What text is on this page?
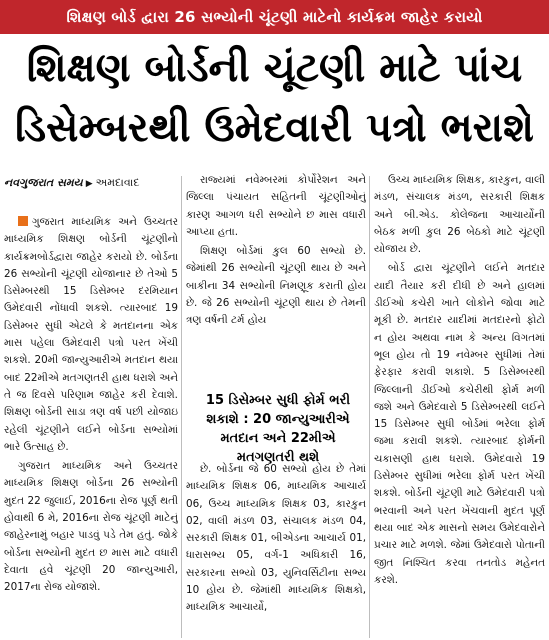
શિક્ષણ બોર્ડ દ્વારા 26 સભ્યોની ચૂંટણી માટેનો કાર્યક્રમ જાહેર કરાયો
શિક્ષણ બોર્ડની ચૂંટણી માટે પાંચ
ડિસેમ્બરથી ઉમેદવારી પત્રો ભરાશે
નવગુજરાત સમય ▶ અમદાવાદ

ગુજરાત માધ્યમિક અને ઉચ્ચતર માધ્યમિક શિક્ષણ બોર્ડની ચૂંટણીનો કાર્યક્રમબોર્ડદ્વારા જાહેર કરાયો છે. બોર્ડના 26 સભ્યોની ચૂંટણી યોજાનાર છે તેઓ 5 ડિસેમ્બરથી 15 ડિસેમ્બર દરમિયાન ઉમેદવારી નોંધાવી શકશે. ત્યારબાદ 19 ડિસેમ્બર સુધી એટલે કે મતદાનના એક માસ પહેલા ઉમેદવારી પત્રો પરત ખેંચી શકશે. 20મી જાન્યુઆરીએ મતદાન થયા બાદ 22મીએ મતગણતરી હાથ ધરાશે અને તે જ દિવસે પરિણામ જાહેર કરી દેવાશે. શિક્ષણ બોર્ડની સાડા ત્રણ વર્ષ પછી યોજાઇ રહેલી ચૂંટણીને લઈને બોર્ડના સભ્યોમાં ભારે ઉત્સાહ છે.

ગુજરાત માધ્યમિક અને ઉચ્ચતર માધ્યમિક શિક્ષણ બોર્ડના 26 સભ્યોની મુદત 22 જુલાઈ, 2016ના રોજ પૂર્ણ થતી હોવાથી 6 મે, 2016ના રોજ ચૂંટણી માટેનું જાહેરનામું બહાર પાડવું પડે તેમ હતું. જોકે બોર્ડના સભ્યોની મુદત છ માસ માટે વધારી દેવાતા હવે ચૂંટણી 20 જાન્યુઆરી, 2017ના રોજ યોજાશે.

રાજ્યમાં નવેમ્બરમાં કોર્પોરેશન અને જિલ્લા પંચાયત સહિતની ચૂંટણીઓનું કારણ આગળ ધરી સભ્યોને છ માસ વધારી આપ્યા હતા.

શિક્ષણ બોર્ડમાં કુલ 60 સભ્યો છે. જેમાંથી 26 સભ્યોની ચૂંટણી થાય છે અને બાકીના 34 સભ્યોની નિમણૂક કરાતી હોય છે. જે 26 સભ્યોની ચૂંટણી થાય છે તેમની ત્રણ વર્ષની ટર્મ હોય

15 ડિસેમ્બર સુધી ફોર્મ ભરી શકાશે : 20 જાન્યુઆરીએ મતદાન અને 22મીએ મતગણતરી થશે

છે. બોર્ડના જે 60 સભ્યો હોય છે તેમાં માધ્યમિક શિક્ષક 06, માધ્યમિક આચાર્ય 06, ઉચ્ચ માધ્યમિક શિક્ષક 03, કારકુન 02, વાલી મંડળ 03, સંચાલક મંડળ 04, સરકારી શિક્ષક 01, બીએડના આચાર્ય 01, ધારાસભ્ય 05, વર્ગ-1 અધિકારી 16, સરકારના સભ્યો 03, યુનિવર્સિટીના સભ્ય 10 હોય છે. જેમાંથી માધ્યમિક શિક્ષકો, માધ્યમિક આચાર્યો,

ઉચ્ચ માધ્યમિક શિક્ષક, કારકુન, વાલી મંડળ, સંચાલક મંડળ, સરકારી શિક્ષક અને બી.એડ. કોલેજના આચાર્યોની બેઠક મળી કુલ 26 બેઠકો માટે ચૂંટણી યોજાય છે.

બોર્ડ દ્વારા ચૂંટણીને લઈને મતદાર યાદી તૈયાર કરી દીધી છે અને હાલમાં ડીઈઓ કચેરી ખાતે લોકોને જોવા માટે મૂકી છે. મતદાર યાદીમાં મતદારનો ફોટો ન હોય અથવા નામ કે અન્ય વિગતમાં ભૂલ હોય તો 19 નવેમ્બર સુધીમાં તેમાં ફેરફાર કરાવી શકાશે. 5 ડિસેમ્બરથી જિલ્લાની ડીઈઓ કચેરીથી ફોર્મ મળી જશે અને ઉમેદવારો 5 ડિસેમ્બરથી લઈને 15 ડિસેમ્બર સુધી બોર્ડમાં ભરેલા ફોર્મ જમા કરાવી શકશે. ત્યારબાદ ફોર્મની ચકાસણી હાથ ધરાશે. ઉમેદવારો 19 ડિસેમ્બર સુધીમાં ભરેલા ફોર્મ પરત ખેંચી શકશે. બોર્ડની ચૂંટણી માટે ઉમેદવારી પત્રો ભરવાની અને પરત ખેંચવાની મુદત પૂર્ણ થયા બાદ એક માસનો સમય ઉમેદવારોને પ્રચાર માટે મળશે. જેમાં ઉમેદવારો પોતાની જીત નિશ્ચિત કરવા તનતોડ મહેનત કરશે.
